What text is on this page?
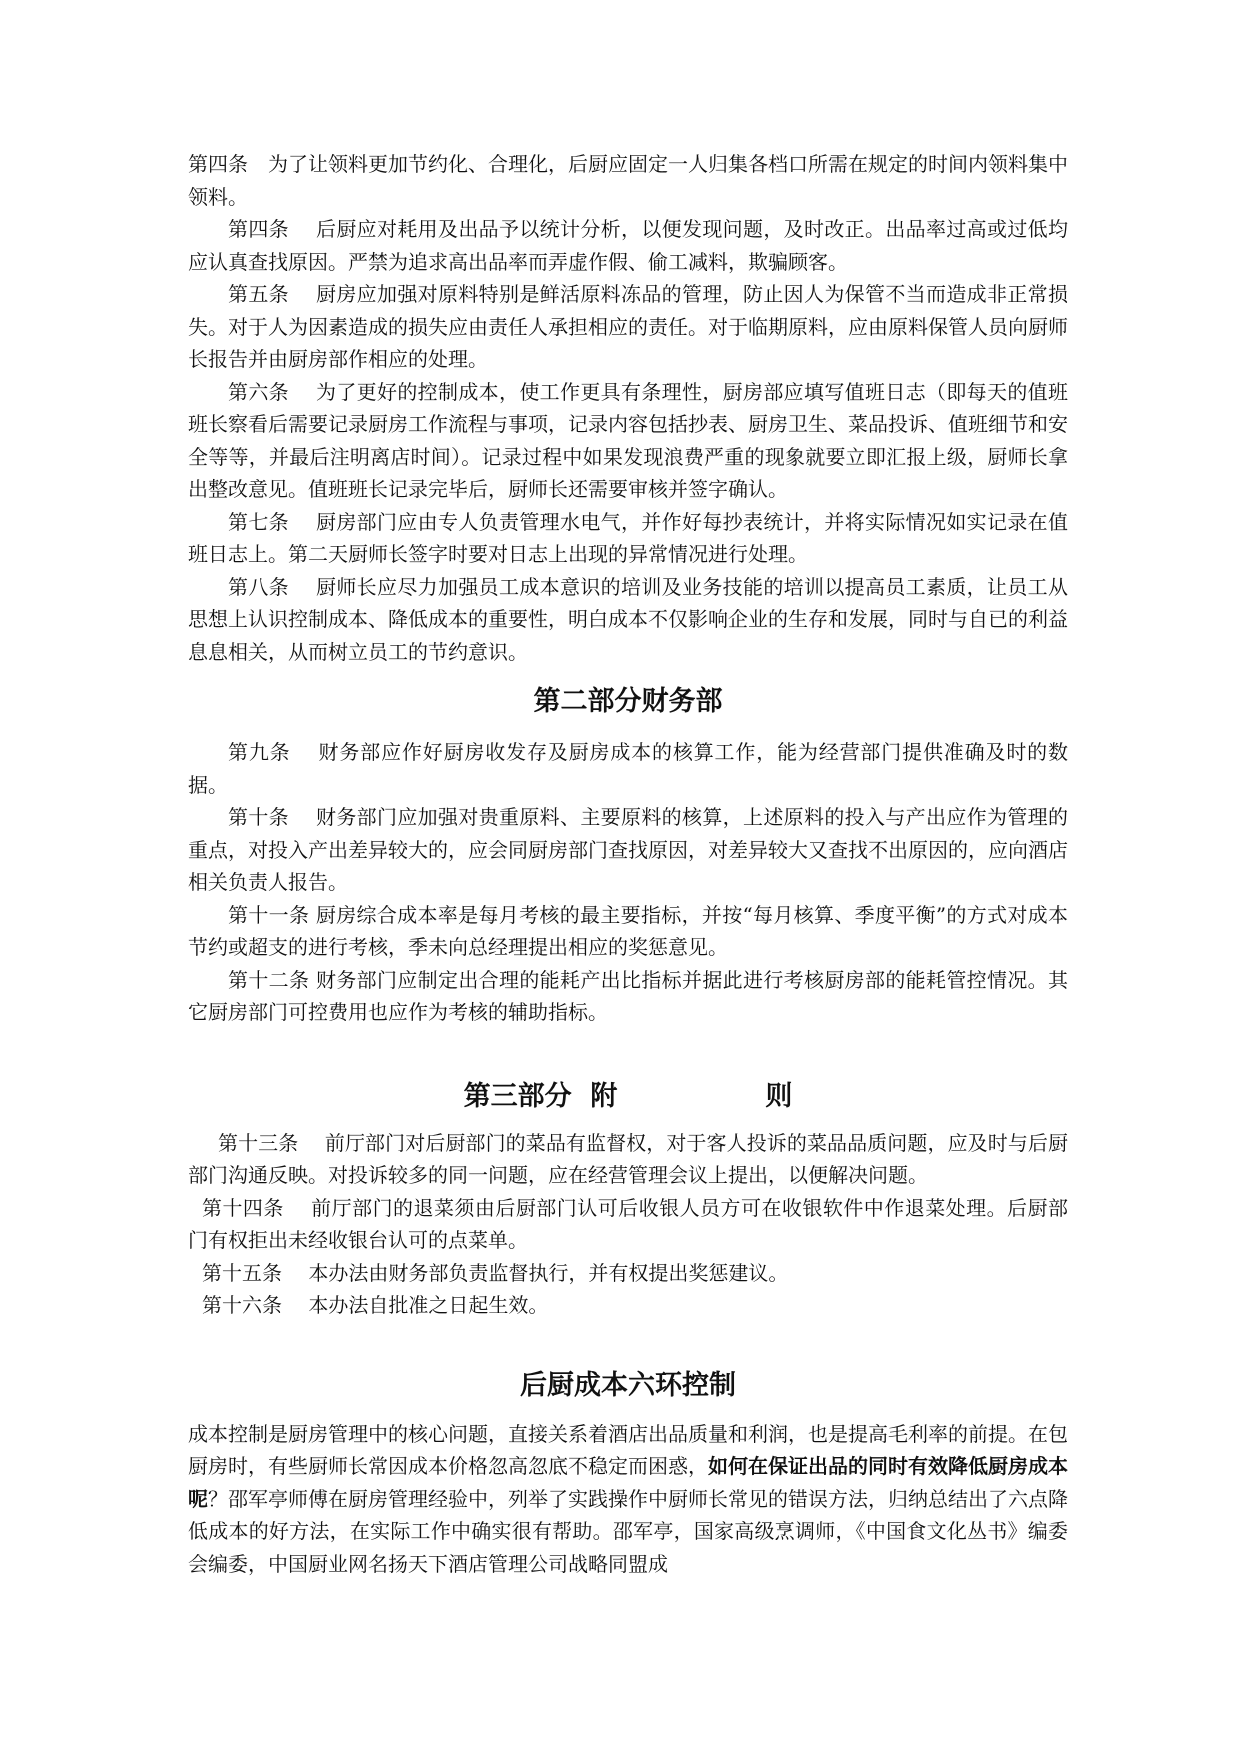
第四条　为了让领料更加节约化、合理化，后厨应固定一人归集各档口所需在规定的时间内领料集中领料。

第四条　 后厨应对耗用及出品予以统计分析，以便发现问题，及时改正。出品率过高或过低均应认真查找原因。严禁为追求高出品率而弄虚作假、偷工减料，欺骗顾客。

第五条　 厨房应加强对原料特别是鲜活原料冻品的管理，防止因人为保管不当而造成非正常损失。对于人为因素造成的损失应由责任人承担相应的责任。对于临期原料，应由原料保管人员向厨师长报告并由厨房部作相应的处理。

第六条　 为了更好的控制成本，使工作更具有条理性，厨房部应填写值班日志（即每天的值班班长察看后需要记录厨房工作流程与事项，记录内容包括抄表、厨房卫生、菜品投诉、值班细节和安全等等，并最后注明离店时间）。记录过程中如果发现浪费严重的现象就要立即汇报上级，厨师长拿出整改意见。值班班长记录完毕后，厨师长还需要审核并签字确认。

第七条　 厨房部门应由专人负责管理水电气，并作好每抄表统计，并将实际情况如实记录在值班日志上。第二天厨师长签字时要对日志上出现的异常情况进行处理。

第八条　 厨师长应尽力加强员工成本意识的培训及业务技能的培训以提高员工素质，让员工从思想上认识控制成本、降低成本的重要性，明白成本不仅影响企业的生存和发展，同时与自已的利益息息相关，从而树立员工的节约意识。

第二部分财务部

第九条　 财务部应作好厨房收发存及厨房成本的核算工作，能为经营部门提供准确及时的数据。

第十条　 财务部门应加强对贵重原料、主要原料的核算，上述原料的投入与产出应作为管理的重点，对投入产出差异较大的，应会同厨房部门查找原因，对差异较大又查找不出原因的，应向酒店相关负责人报告。

第十一条 厨房综合成本率是每月考核的最主要指标，并按“每月核算、季度平衡”的方式对成本节约或超支的进行考核，季未向总经理提出相应的奖惩意见。

第十二条 财务部门应制定出合理的能耗产出比指标并据此进行考核厨房部的能耗管控情况。其它厨房部门可控费用也应作为考核的辅助指标。

第三部分 附	则

第十三条　 前厅部门对后厨部门的菜品有监督权，对于客人投诉的菜品品质问题，应及时与后厨部门沟通反映。对投诉较多的同一问题，应在经营管理会议上提出，以便解决问题。

第十四条　 前厅部门的退菜须由后厨部门认可后收银人员方可在收银软件中作退菜处理。后厨部门有权拒出未经收银台认可的点菜单。

第十五条　 本办法由财务部负责监督执行，并有权提出奖惩建议。

第十六条　 本办法自批准之日起生效。

后厨成本六环控制

成本控制是厨房管理中的核心问题，直接关系着酒店出品质量和利润，也是提高毛利率的前提。在包厨房时，有些厨师长常因成本价格忽高忽底不稳定而困惑，如何在保证出品的同时有效降低厨房成本呢？邵军亭师傅在厨房管理经验中，列举了实践操作中厨师长常见的错误方法，归纳总结出了六点降低成本的好方法，在实际工作中确实很有帮助。邵军亭，国家高级烹调师，《中国食文化丛书》编委会编委，中国厨业网名扬天下酒店管理公司战略同盟成
